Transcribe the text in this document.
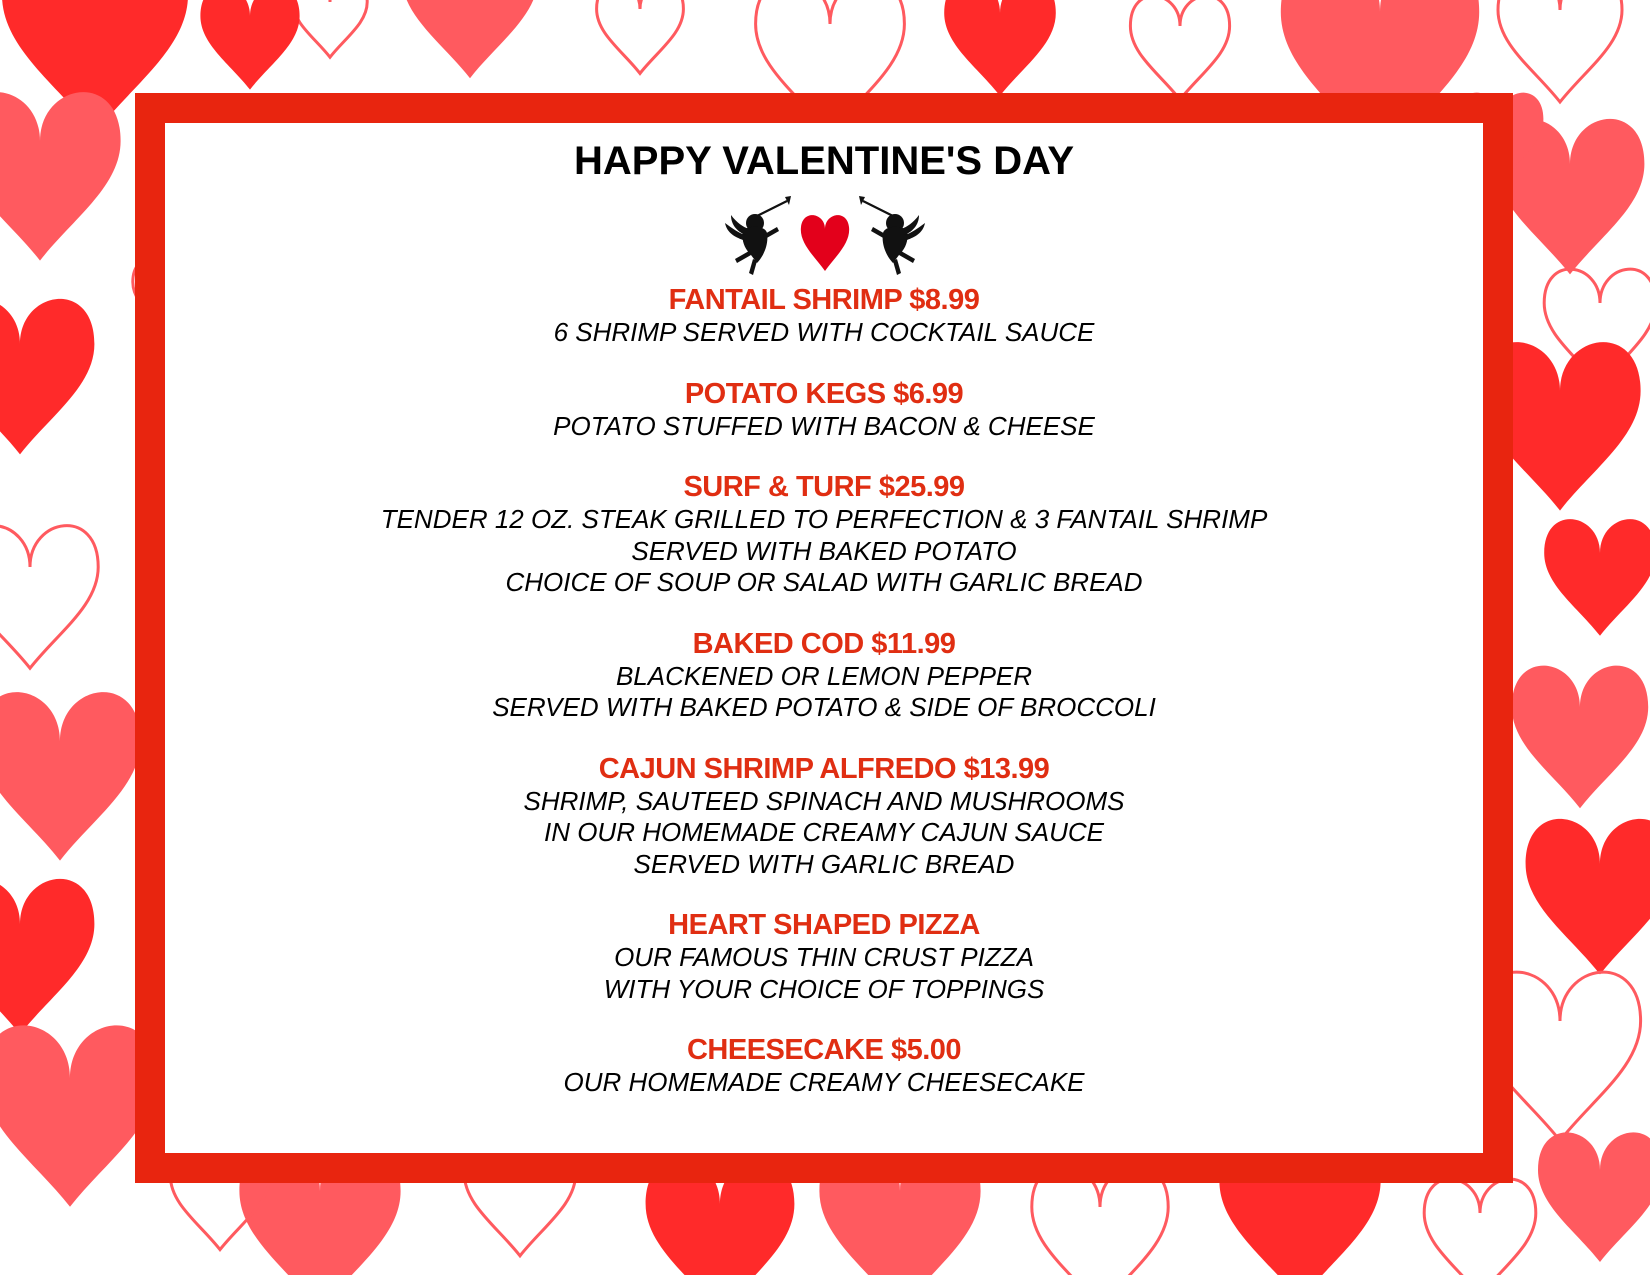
HAPPY VALENTINE'S DAY
FANTAIL SHRIMP $8.99
6 SHRIMP SERVED WITH COCKTAIL SAUCE
POTATO KEGS $6.99
POTATO STUFFED WITH BACON & CHEESE
SURF & TURF $25.99
TENDER 12 OZ. STEAK GRILLED TO PERFECTION & 3 FANTAIL SHRIMP
SERVED WITH BAKED POTATO
CHOICE OF SOUP OR SALAD WITH GARLIC BREAD
BAKED COD $11.99
BLACKENED OR LEMON PEPPER
SERVED WITH BAKED POTATO & SIDE OF BROCCOLI
CAJUN SHRIMP ALFREDO $13.99
SHRIMP, SAUTEED SPINACH AND MUSHROOMS
IN OUR HOMEMADE CREAMY CAJUN SAUCE
SERVED WITH GARLIC BREAD
HEART SHAPED PIZZA
OUR FAMOUS THIN CRUST PIZZA
WITH YOUR CHOICE OF TOPPINGS
CHEESECAKE $5.00
OUR HOMEMADE CREAMY CHEESECAKE
